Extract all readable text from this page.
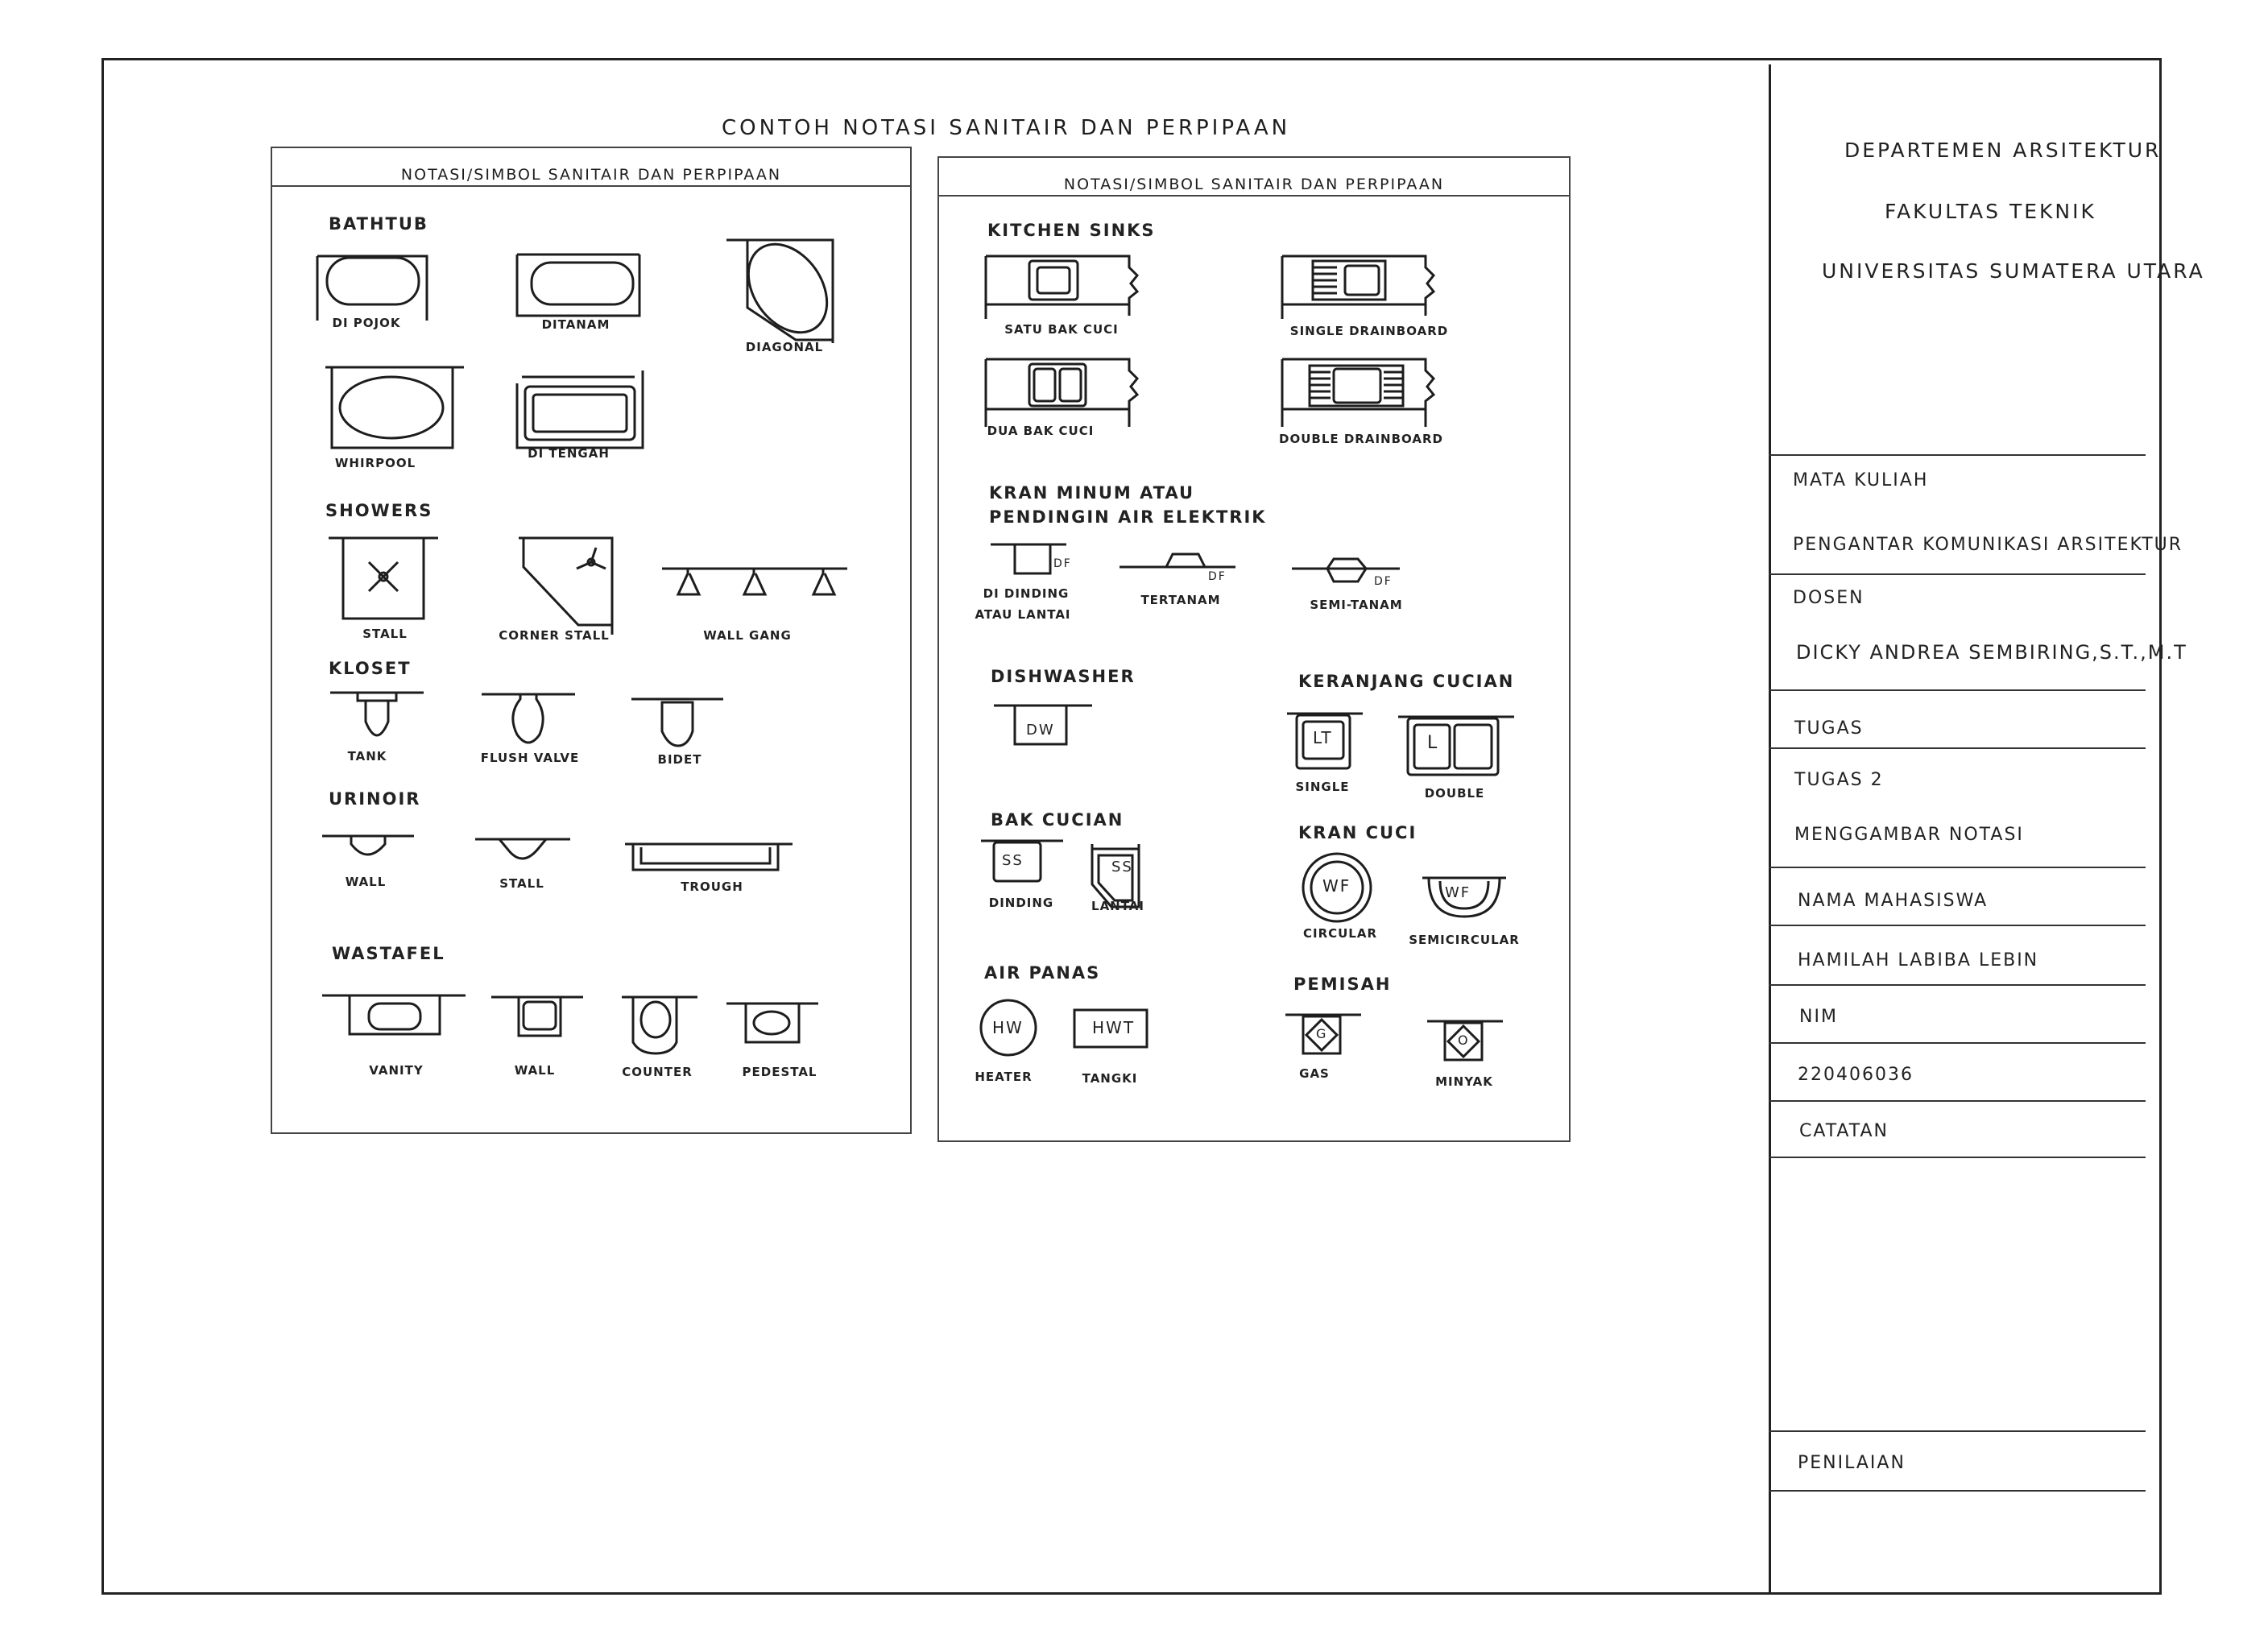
CONTOH NOTASI SANITAIR DAN PERPIPAAN
NOTASI/SIMBOL SANITAIR DAN PERPIPAAN
BATHTUB
DI POJOK	DITANAM
DIAGONAL
WHIRPOOL
DI TENGAH
SHOWERS
STALL	CORNER STALL	WALL GANG
KLOSET
TANK	FLUSH VALVE	BIDET
URINOIR
WALL	STALL	TROUGH
WASTAFEL
VANITY	WALL	COUNTER	PEDESTAL
NOTASI/SIMBOL SANITAIR DAN PERPIPAAN
KITCHEN SINKS
SATU BAK CUCI	SINGLE DRAINBOARD
DUA BAK CUCI
DOUBLE DRAINBOARD
KRAN MINUM ATAU
PENDINGIN AIR ELEKTRIK
DF
DI DINDING
ATAU LANTAI
DF
TERTANAM
DF
SEMI-TANAM
DISHWASHER
DW
KERANJANG CUCIAN
LT
SINGLE
L
DOUBLE
BAK CUCIAN
SS
DINDING
SS
LANTAI
KRAN CUCI
WF
CIRCULAR
WF
SEMICIRCULAR
AIR PANAS
HW
HEATER
HWT
TANGKI
PEMISAH
G
GAS
O
MINYAK
DEPARTEMEN ARSITEKTUR
FAKULTAS TEKNIK
UNIVERSITAS SUMATERA UTARA
MATA KULIAH
PENGANTAR KOMUNIKASI ARSITEKTUR
DOSEN
DICKY ANDREA SEMBIRING,S.T.,M.T
TUGAS
TUGAS 2
MENGGAMBAR NOTASI
NAMA MAHASISWA
HAMILAH LABIBA LEBIN
NIM
220406036
CATATAN
PENILAIAN
